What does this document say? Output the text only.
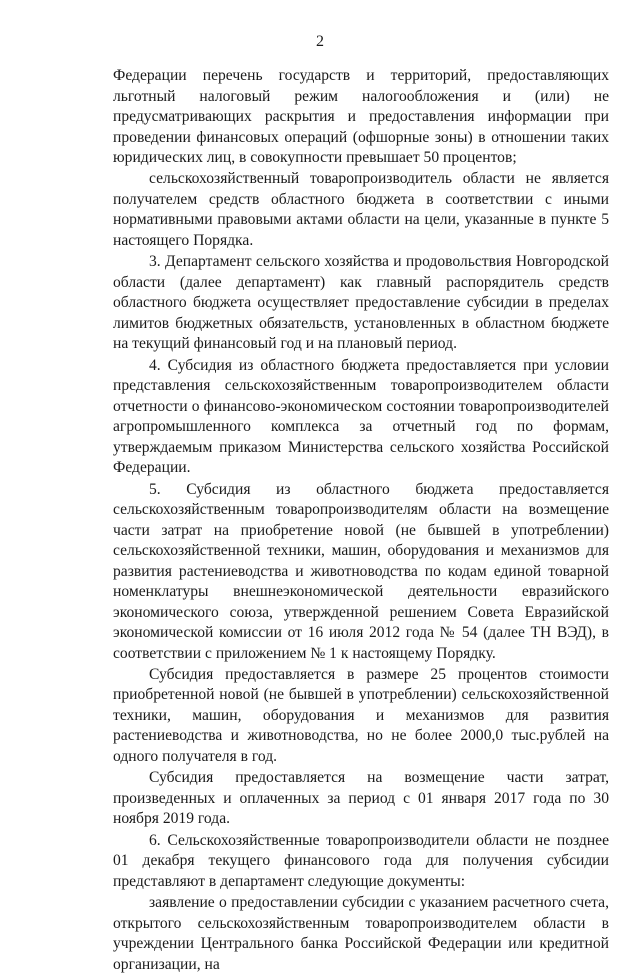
2

Федерации перечень государств и территорий, предоставляющих льготный налоговый режим налогообложения и (или) не предусматривающих раскрытия и предоставления информации при проведении финансовых операций (офшорные зоны) в отношении таких юридических лиц, в совокупности превышает 50 процентов;

сельскохозяйственный товаропроизводитель области не является получателем средств областного бюджета в соответствии с иными нормативными правовыми актами области на цели, указанные в пункте 5 настоящего Порядка.

3. Департамент сельского хозяйства и продовольствия Новгородской области (далее департамент) как главный распорядитель средств областного бюджета осуществляет предоставление субсидии в пределах лимитов бюджетных обязательств, установленных в областном бюджете на текущий финансовый год и на плановый период.

4. Субсидия из областного бюджета предоставляется при условии представления сельскохозяйственным товаропроизводителем области отчетности о финансово-экономическом состоянии товаропроизводителей агропромышленного комплекса за отчетный год по формам, утверждаемым приказом Министерства сельского хозяйства Российской Федерации.

5. Субсидия из областного бюджета предоставляется сельскохозяйственным товаропроизводителям области на возмещение части затрат на приобретение новой (не бывшей в употреблении) сельскохозяйственной техники, машин, оборудования и механизмов для развития растениеводства и животноводства по кодам единой товарной номенклатуры внешнеэкономической деятельности евразийского экономического союза, утвержденной решением Совета Евразийской экономической комиссии от 16 июля 2012 года № 54 (далее ТН ВЭД), в соответствии с приложением № 1 к настоящему Порядку.

Субсидия предоставляется в размере 25 процентов стоимости приобретенной новой (не бывшей в употреблении) сельскохозяйственной техники, машин, оборудования и механизмов для развития растениеводства и животноводства, но не более 2000,0 тыс.рублей на одного получателя в год.

Субсидия предоставляется на возмещение части затрат, произведенных и оплаченных за период с 01 января 2017 года по 30 ноября 2019 года.

6. Сельскохозяйственные товаропроизводители области не позднее 01 декабря текущего финансового года для получения субсидии представляют в департамент следующие документы:

заявление о предоставлении субсидии с указанием расчетного счета, открытого сельскохозяйственным товаропроизводителем области в учреждении Центрального банка Российской Федерации или кредитной организации, на
